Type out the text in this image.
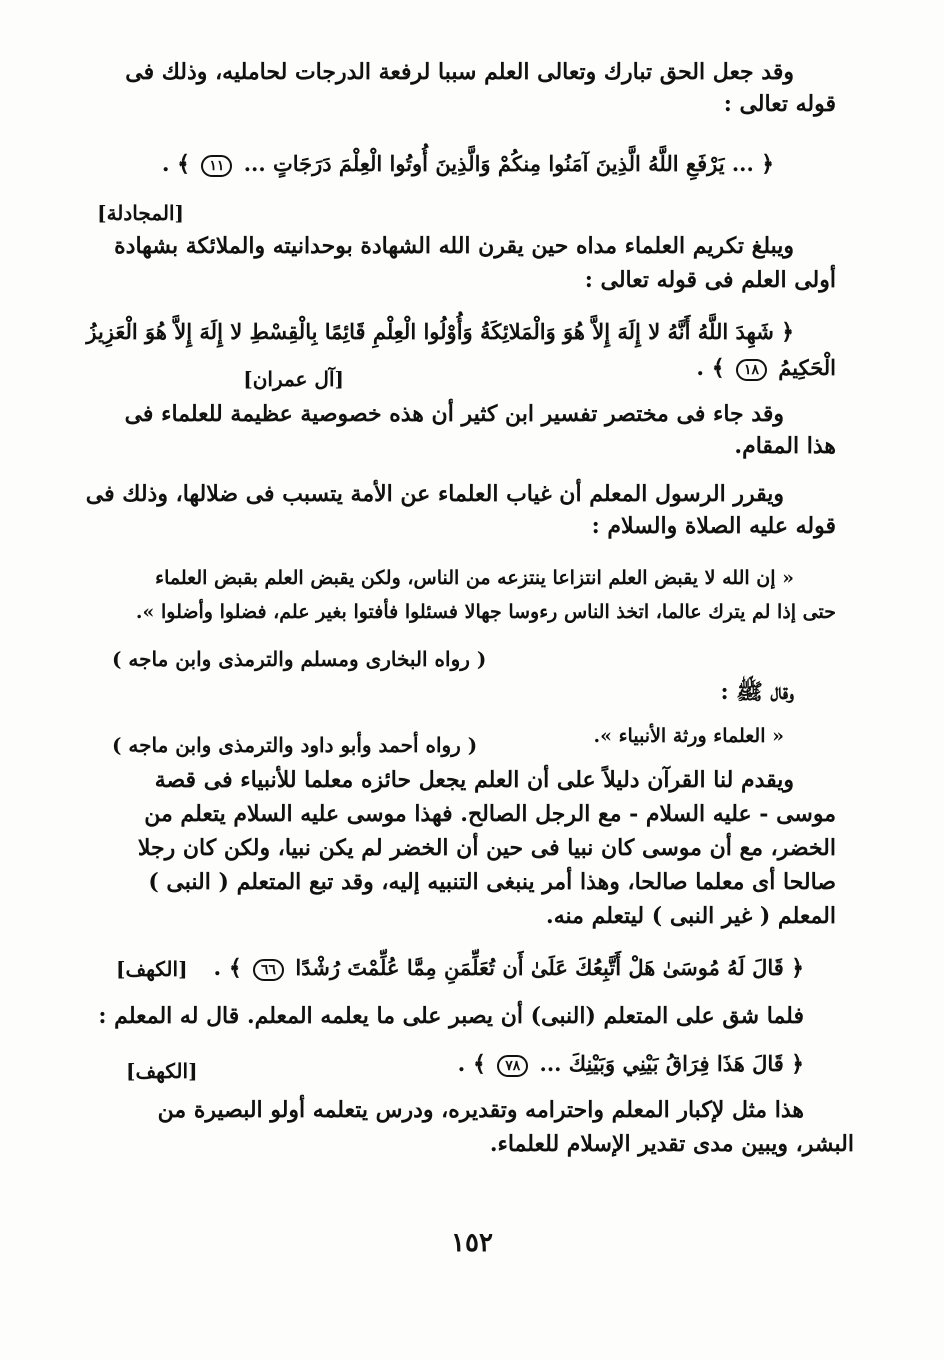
وقد جعل الحق تبارك وتعالى العلم سببا لرفعة الدرجات لحامليه، وذلك فى
قوله تعالى :
﴿ ... يَرْفَعِ اللَّهُ الَّذِينَ آمَنُوا مِنكُمْ وَالَّذِينَ أُوتُوا الْعِلْمَ دَرَجَاتٍ ... ١١ ﴾ .
[المجادلة]
ويبلغ تكريم العلماء مداه حين يقرن الله الشهادة بوحدانيته والملائكة بشهادة
أولى العلم فى قوله تعالى :
﴿ شَهِدَ اللَّهُ أَنَّهُ لا إِلَهَ إِلاَّ هُوَ وَالْمَلائِكَةُ وَأُوْلُوا الْعِلْمِ قَائِمًا بِالْقِسْطِ لا إِلَهَ إِلاَّ هُوَ الْعَزِيزُ
الْحَكِيمُ ١٨ ﴾ .
[آل عمران]
وقد جاء فى مختصر تفسير ابن كثير أن هذه خصوصية عظيمة للعلماء فى
هذا المقام.
ويقرر الرسول المعلم أن غياب العلماء عن الأمة يتسبب فى ضلالها، وذلك فى
قوله عليه الصلاة والسلام :
« إن الله لا يقبض العلم انتزاعا ينتزعه من الناس، ولكن يقبض العلم بقبض العلماء
حتى إذا لم يترك عالما، اتخذ الناس رءوسا جهالا فسئلوا فأفتوا بغير علم، فضلوا وأضلوا ».
( رواه البخارى ومسلم والترمذى وابن ماجه )
وقال ﷺ :
« العلماء ورثة الأنبياء ».
( رواه أحمد وأبو داود والترمذى وابن ماجه )
ويقدم لنا القرآن دليلاً على أن العلم يجعل حائزه معلما للأنبياء فى قصة
موسى - عليه السلام - مع الرجل الصالح. فهذا موسى عليه السلام يتعلم من
الخضر، مع أن موسى كان نبيا فى حين أن الخضر لم يكن نبيا، ولكن كان رجلا
صالحا أى معلما صالحا، وهذا أمر ينبغى التنبيه إليه، وقد تبع المتعلم ( النبى )
المعلم ( غير النبى ) ليتعلم منه.
﴿ قَالَ لَهُ مُوسَىٰ هَلْ أَتَّبِعُكَ عَلَىٰ أَن تُعَلِّمَنِ مِمَّا عُلِّمْتَ رُشْدًا ٦٦ ﴾ .
[الكهف]
فلما شق على المتعلم (النبى) أن يصبر على ما يعلمه المعلم. قال له المعلم :
﴿ قَالَ هَذَا فِرَاقُ بَيْنِي وَبَيْنِكَ ... ٧٨ ﴾ .
[الكهف]
هذا مثل لإكبار المعلم واحترامه وتقديره، ودرس يتعلمه أولو البصيرة من
البشر، ويبين مدى تقدير الإسلام للعلماء.
١٥٢
